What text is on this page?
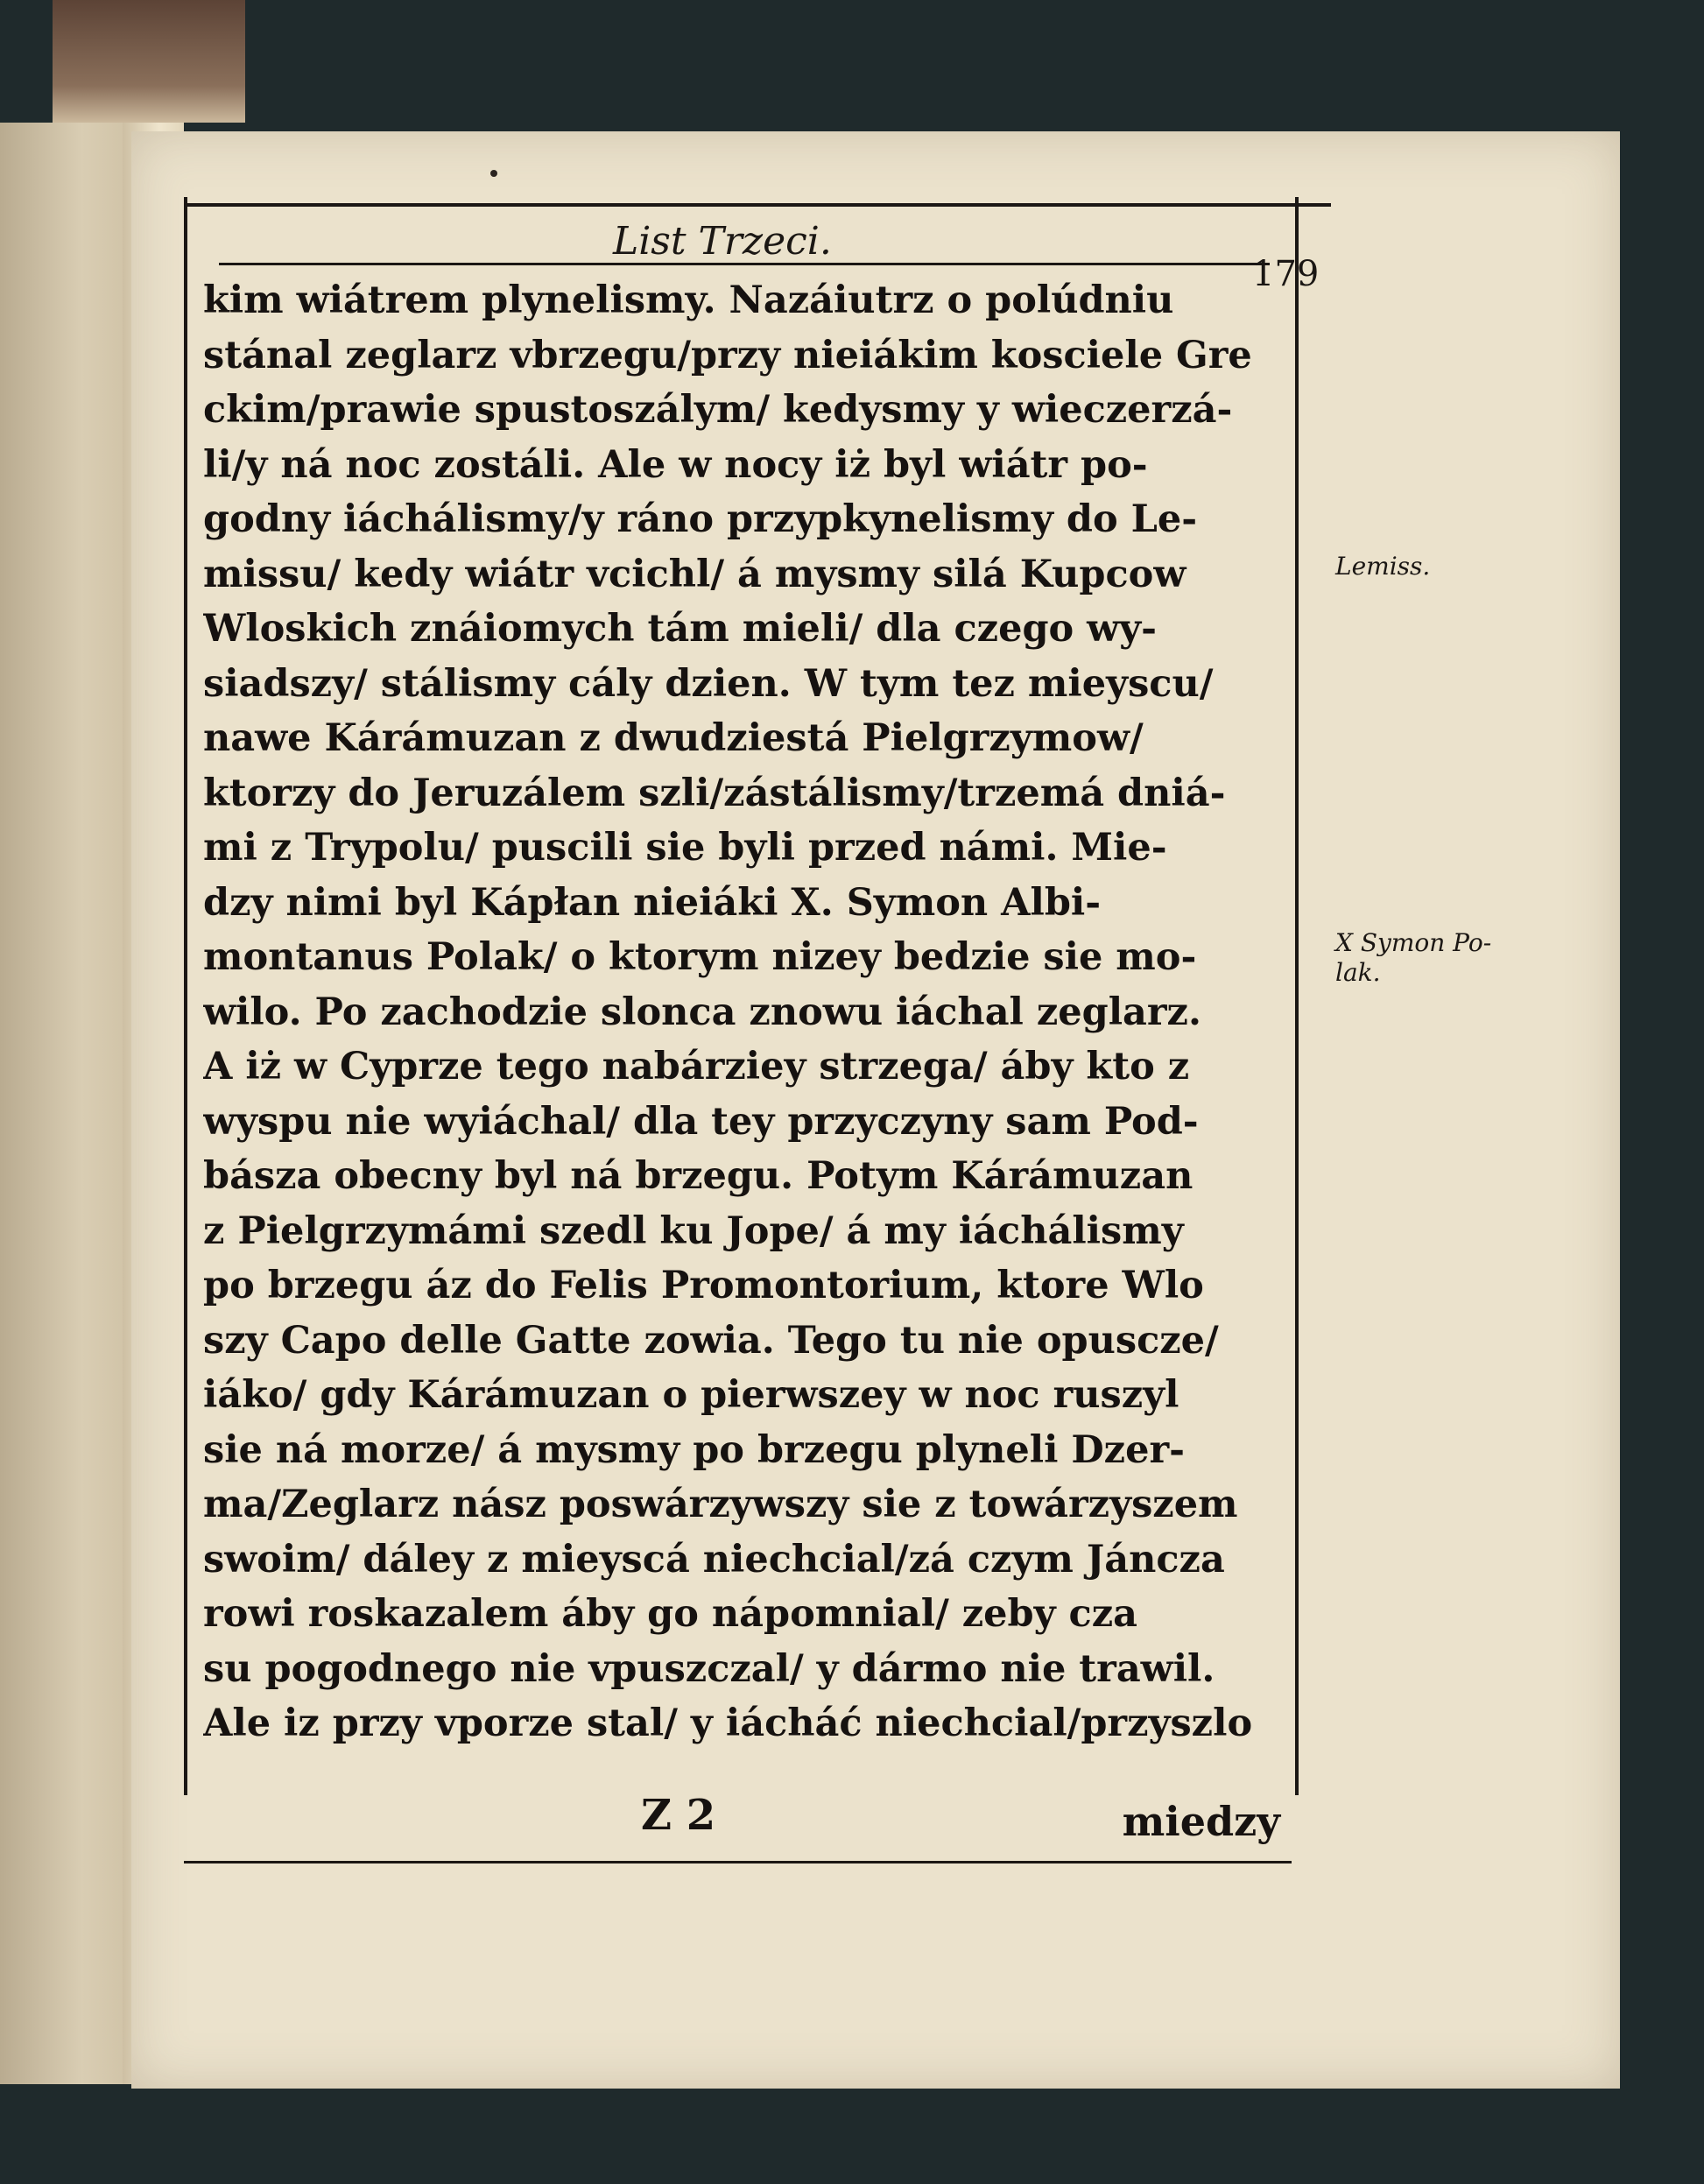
List Trzeci.
179
kim wiátrem plynelismy. Nazáiutrz o polúdniu
stánal zeglarz vbrzegu/przy nieiákim kosciele Gre
ckim/prawie spustoszálym/ kedysmy y wieczerzá-
li/y ná noc zostáli. Ale w nocy iż byl wiátr po-
godny iáchálismy/y ráno przypkynelismy do Le-
missu/ kedy wiátr vcichl/ á mysmy silá Kupcow
Wloskich znáiomych tám mieli/ dla czego wy-
siadszy/ stálismy cály dzien. W tym tez mieyscu/
nawe Kárámuzan z dwudziestá Pielgrzymow/
ktorzy do Jeruzálem szli/zástálismy/trzemá dniá-
mi z Trypolu/ puscili sie byli przed námi. Mie-
dzy nimi byl Kápłan nieiáki X. Symon Albi-
montanus Polak/ o ktorym nizey bedzie sie mo-
wilo. Po zachodzie slonca znowu iáchal zeglarz.
A iż w Cyprze tego nabárziey strzega/ áby kto z
wyspu nie wyiáchal/ dla tey przyczyny sam Pod-
básza obecny byl ná brzegu. Potym Kárámuzan
z Pielgrzymámi szedl ku Jope/ á my iáchálismy
po brzegu áz do Felis Promontorium, ktore Wlo
szy Capo delle Gatte zowia. Tego tu nie opuscze/
iáko/ gdy Kárámuzan o pierwszey w noc ruszyl
sie ná morze/ á mysmy po brzegu plyneli Dzer-
ma/Zeglarz nász poswárzywszy sie z towárzyszem
swoim/ dáley z mieyscá niechcial/zá czym Jáncza
rowi roskazalem áby go nápomnial/ zeby cza
su pogodnego nie vpuszczal/ y dármo nie trawil.
Ale iz przy vporze stal/ y iácháć niechcial/przyszlo
Z 2	miedzy
Lemiss.
X Symon Po-lak.
